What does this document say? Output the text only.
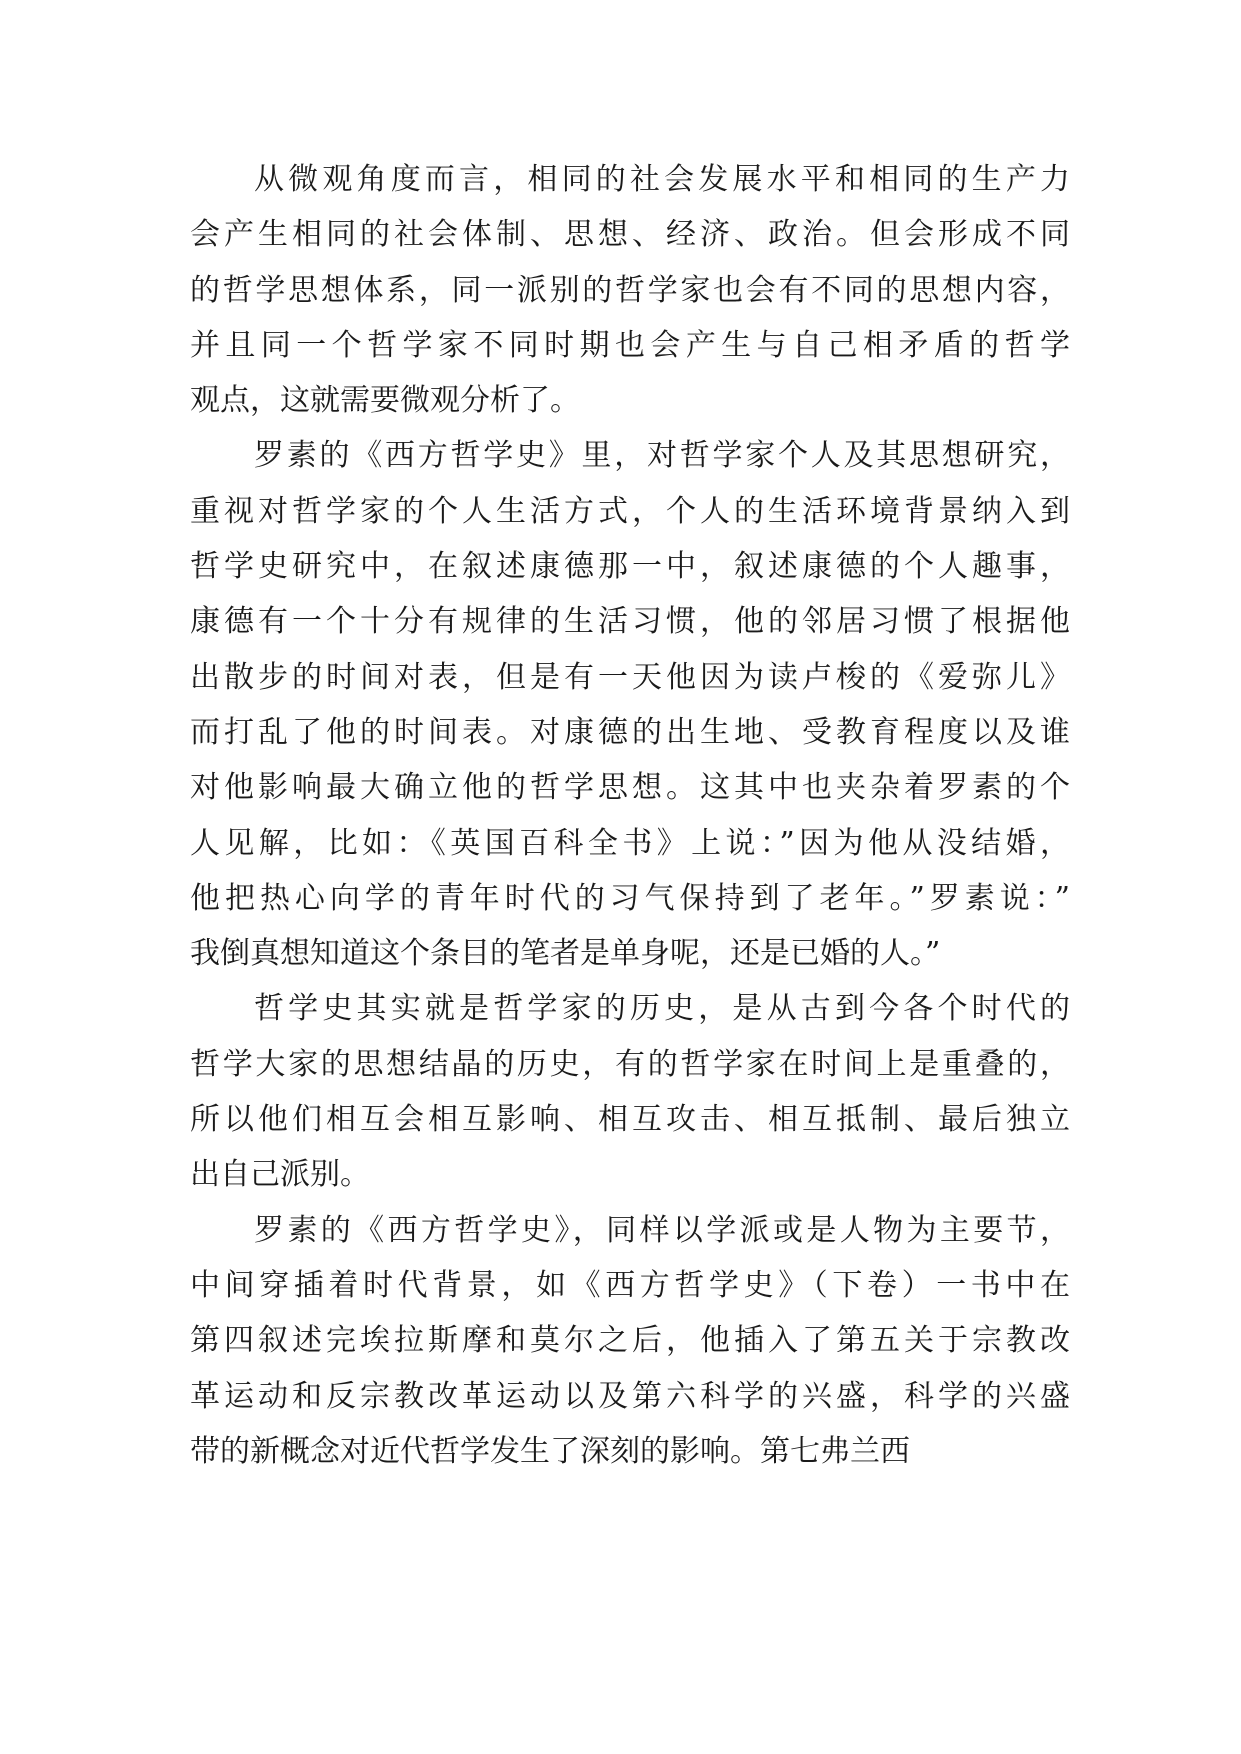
从微观角度而言，相同的社会发展水平和相同的生产力
会产生相同的社会体制、思想、经济、政治。但会形成不同
的哲学思想体系，同一派别的哲学家也会有不同的思想内容，
并且同一个哲学家不同时期也会产生与自己相矛盾的哲学
观点，这就需要微观分析了。
罗素的《西方哲学史》里，对哲学家个人及其思想研究，
重视对哲学家的个人生活方式，个人的生活环境背景纳入到
哲学史研究中，在叙述康德那一中，叙述康德的个人趣事，
康德有一个十分有规律的生活习惯，他的邻居习惯了根据他
出散步的时间对表，但是有一天他因为读卢梭的《爱弥儿》
而打乱了他的时间表。对康德的出生地、受教育程度以及谁
对他影响最大确立他的哲学思想。这其中也夹杂着罗素的个
人见解，比如：《英国百科全书》上说：”因为他从没结婚，
他把热心向学的青年时代的习气保持到了老年。”罗素说：”
我倒真想知道这个条目的笔者是单身呢，还是已婚的人。”
哲学史其实就是哲学家的历史，是从古到今各个时代的
哲学大家的思想结晶的历史，有的哲学家在时间上是重叠的，
所以他们相互会相互影响、相互攻击、相互抵制、最后独立
出自己派别。
罗素的《西方哲学史》，同样以学派或是人物为主要节，
中间穿插着时代背景，如《西方哲学史》（下卷）一书中在
第四叙述完埃拉斯摩和莫尔之后，他插入了第五关于宗教改
革运动和反宗教改革运动以及第六科学的兴盛，科学的兴盛
带的新概念对近代哲学发生了深刻的影响。第七弗兰西
